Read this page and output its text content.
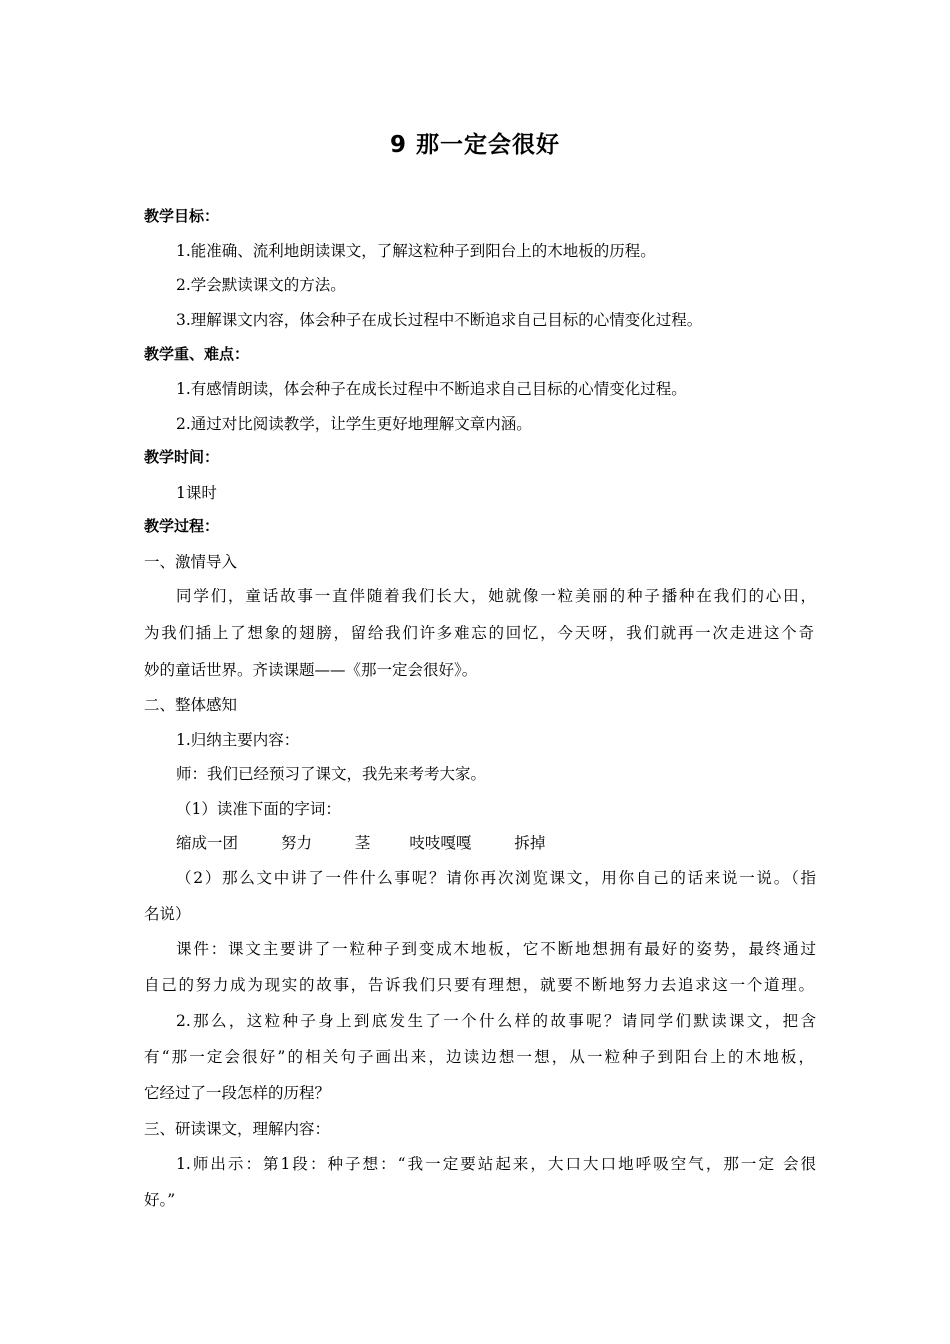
9 那一定会很好
教学目标：
1.能准确、流利地朗读课文，了解这粒种子到阳台上的木地板的历程。
2.学会默读课文的方法。
3.理解课文内容，体会种子在成长过程中不断追求自己目标的心情变化过程。
教学重、难点：
1.有感情朗读，体会种子在成长过程中不断追求自己目标的心情变化过程。
2.通过对比阅读教学，让学生更好地理解文章内涵。
教学时间：
1课时
教学过程：
一、激情导入
同学们，童话故事一直伴随着我们长大，她就像一粒美丽的种子播种在我们的心田，
为我们插上了想象的翅膀，留给我们许多难忘的回忆，今天呀，我们就再一次走进这个奇
妙的童话世界。齐读课题——《那一定会很好》。
二、整体感知
1.归纳主要内容：
师：我们已经预习了课文，我先来考考大家。
（1）读准下面的字词：
缩成一团	努力	茎	吱吱嘎嘎	拆掉
（2）那么文中讲了一件什么事呢？请你再次浏览课文，用你自己的话来说一说。（指
名说）
课件：课文主要讲了一粒种子到变成木地板，它不断地想拥有最好的姿势，最终通过
自己的努力成为现实的故事，告诉我们只要有理想，就要不断地努力去追求这一个道理。
2.那么，这粒种子身上到底发生了一个什么样的故事呢？请同学们默读课文，把含
有“那一定会很好”的相关句子画出来，边读边想一想，从一粒种子到阳台上的木地板，
它经过了一段怎样的历程？
三、研读课文，理解内容：
1.师出示：第1段：种子想：“我一定要站起来，大口大口地呼吸空气，那一定 会很
好。”
